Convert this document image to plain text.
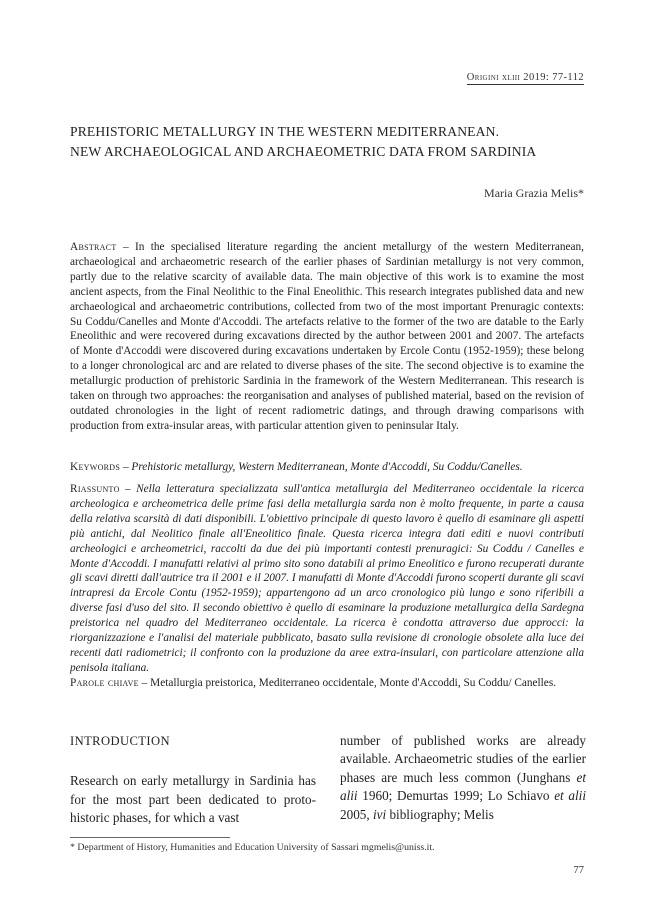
Origini xliii 2019: 77-112
PREHISTORIC METALLURGY IN THE WESTERN MEDITERRANEAN.
NEW ARCHAEOLOGICAL AND ARCHAEOMETRIC DATA FROM SARDINIA
Maria Grazia Melis*

Abstract – In the specialised literature regarding the ancient metallurgy of the western Mediterranean, archaeological and archaeometric research of the earlier phases of Sardinian metallurgy is not very common, partly due to the relative scarcity of available data. The main objective of this work is to examine the most ancient aspects, from the Final Neolithic to the Final Eneolithic. This research integrates published data and new archaeological and archaeometric contributions, collected from two of the most important Prenuragic contexts: Su Coddu/Canelles and Monte d'Accoddi. The artefacts relative to the former of the two are datable to the Early Eneolithic and were recovered during excavations directed by the author between 2001 and 2007. The artefacts of Monte d'Accoddi were discovered during excavations undertaken by Ercole Contu (1952-1959); these belong to a longer chronological arc and are related to diverse phases of the site. The second objective is to examine the metallurgic production of prehistoric Sardinia in the framework of the Western Mediterranean. This research is taken on through two approaches: the reorganisation and analyses of published material, based on the revision of outdated chronologies in the light of recent radiometric datings, and through drawing comparisons with production from extra-insular areas, with particular attention given to peninsular Italy.

Keywords – Prehistoric metallurgy, Western Mediterranean, Monte d'Accoddi, Su Coddu/Canelles.

Riassunto – Nella letteratura specializzata sull'antica metallurgia del Mediterraneo occidentale la ricerca archeologica e archeometrica delle prime fasi della metallurgia sarda non è molto frequente, in parte a causa della relativa scarsità di dati disponibili. L'obiettivo principale di questo lavoro è quello di esaminare gli aspetti più antichi, dal Neolitico finale all'Eneolitico finale. Questa ricerca integra dati editi e nuovi contributi archeologici e archeometrici, raccolti da due dei più importanti contesti prenuragici: Su Coddu / Canelles e Monte d'Accoddi. I manufatti relativi al primo sito sono databili al primo Eneolitico e furono recuperati durante gli scavi diretti dall'autrice tra il 2001 e il 2007. I manufatti di Monte d'Accoddi furono scoperti durante gli scavi intrapresi da Ercole Contu (1952-1959); appartengono ad un arco cronologico più lungo e sono riferibili a diverse fasi d'uso del sito. Il secondo obiettivo è quello di esaminare la produzione metallurgica della Sardegna preistorica nel quadro del Mediterraneo occidentale. La ricerca è condotta attraverso due approcci: la riorganizzazione e l'analisi del materiale pubblicato, basato sulla revisione di cronologie obsolete alla luce dei recenti dati radiometrici; il confronto con la produzione da aree extra-insulari, con particolare attenzione alla penisola italiana.

Parole chiave – Metallurgia preistorica, Mediterraneo occidentale, Monte d'Accoddi, Su Coddu/ Canelles.

INTRODUCTION
Research on early metallurgy in Sardinia has for the most part been dedicated to proto-historic phases, for which a vast
number of published works are already available. Archaeometric studies of the earlier phases are much less common (Junghans et alii 1960; Demurtas 1999; Lo Schiavo et alii 2005, ivi bibliography; Melis
* Department of History, Humanities and Education University of Sassari mgmelis@uniss.it.
77
